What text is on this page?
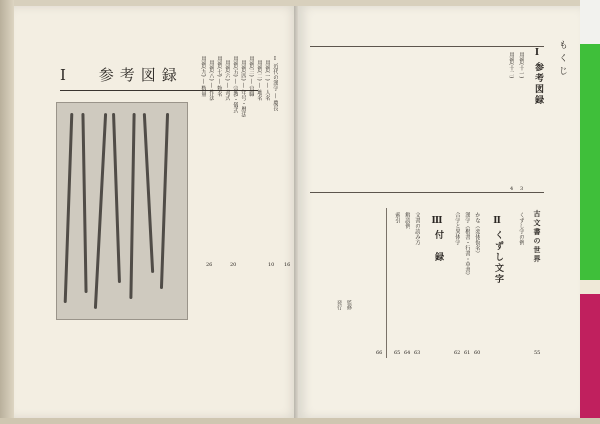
Ⅰ 参考図録	Ⅰ 近代の漢字 — 慶長
用例(一) — 人名
用例(二) — 地名
用例(三) — 官職
用例(四) — 年号・暦法
用例(五) — 宗教・儀式
用例(六) — 書式
用例(七) — 物名
用例(八) — 作法
用例(九) — 数量
10
20
26	16
もくじ
Ⅰ
参考図録
用例(十一)
用例(十二)
3
4
古文書の世界
くずし字の例
Ⅱ
くずし文字
かな（変体仮名）
漢字（楷書・行書・草書）
合字と異体字
Ⅲ
付　録
文書の読み方
解読例
索引
55
60
61
62
63
64
65
66
監修
発行
